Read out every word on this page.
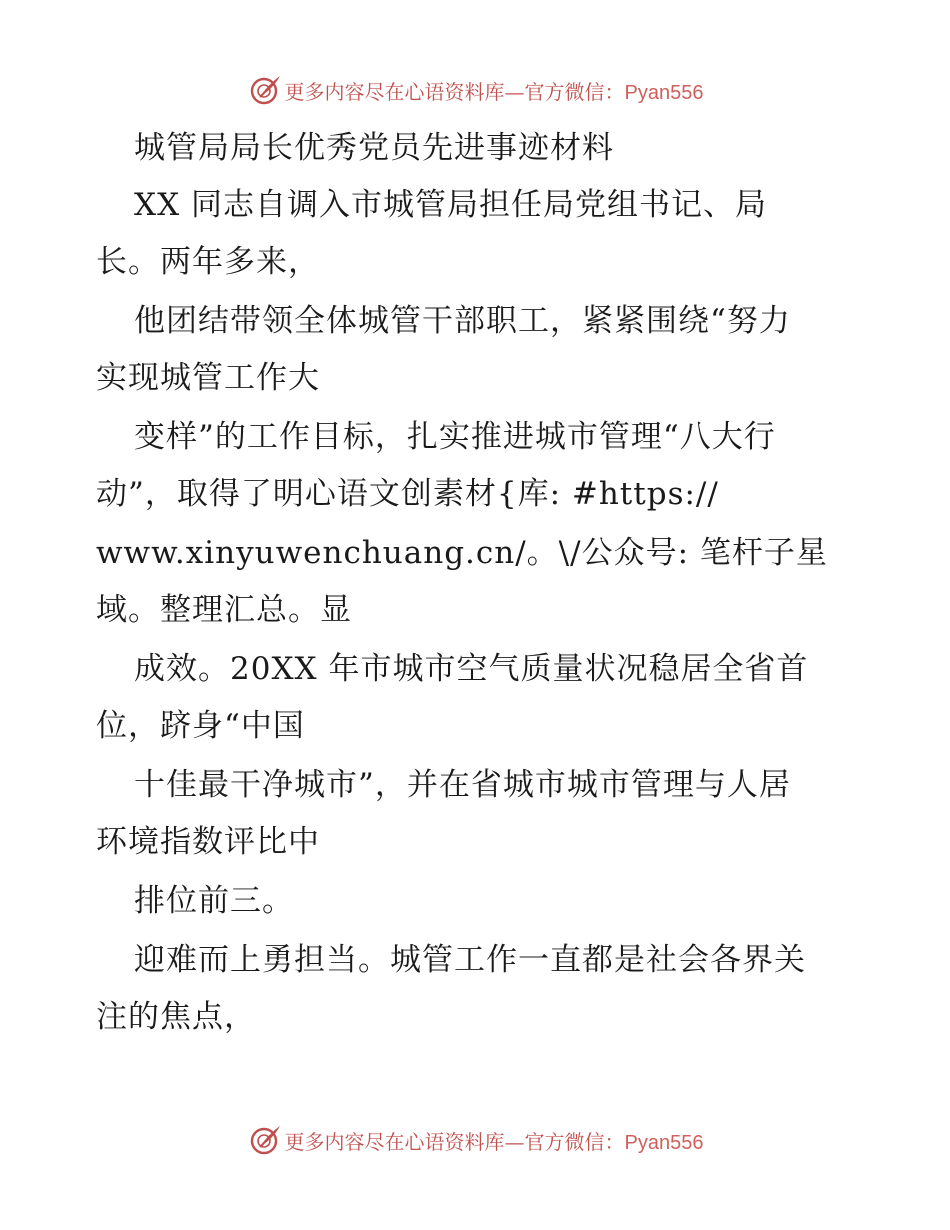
更多内容尽在心语资料库—官方微信：Pyan556
城管局局长优秀党员先进事迹材料
XX 同志自调入市城管局担任局党组书记、局
长。两年多来，
他团结带领全体城管干部职工，紧紧围绕“努力
实现城管工作大
变样”的工作目标，扎实推进城市管理“八大行
动”，取得了明心语文创素材{库: #https://
www.xinyuwenchuang.cn/。\/公众号: 笔杆子星
域。整理汇总。显
成效。20XX 年市城市空气质量状况稳居全省首
位，跻身“中国
十佳最干净城市”，并在省城市城市管理与人居
环境指数评比中
排位前三。
迎难而上勇担当。城管工作一直都是社会各界关
注的焦点，
更多内容尽在心语资料库—官方微信：Pyan556
